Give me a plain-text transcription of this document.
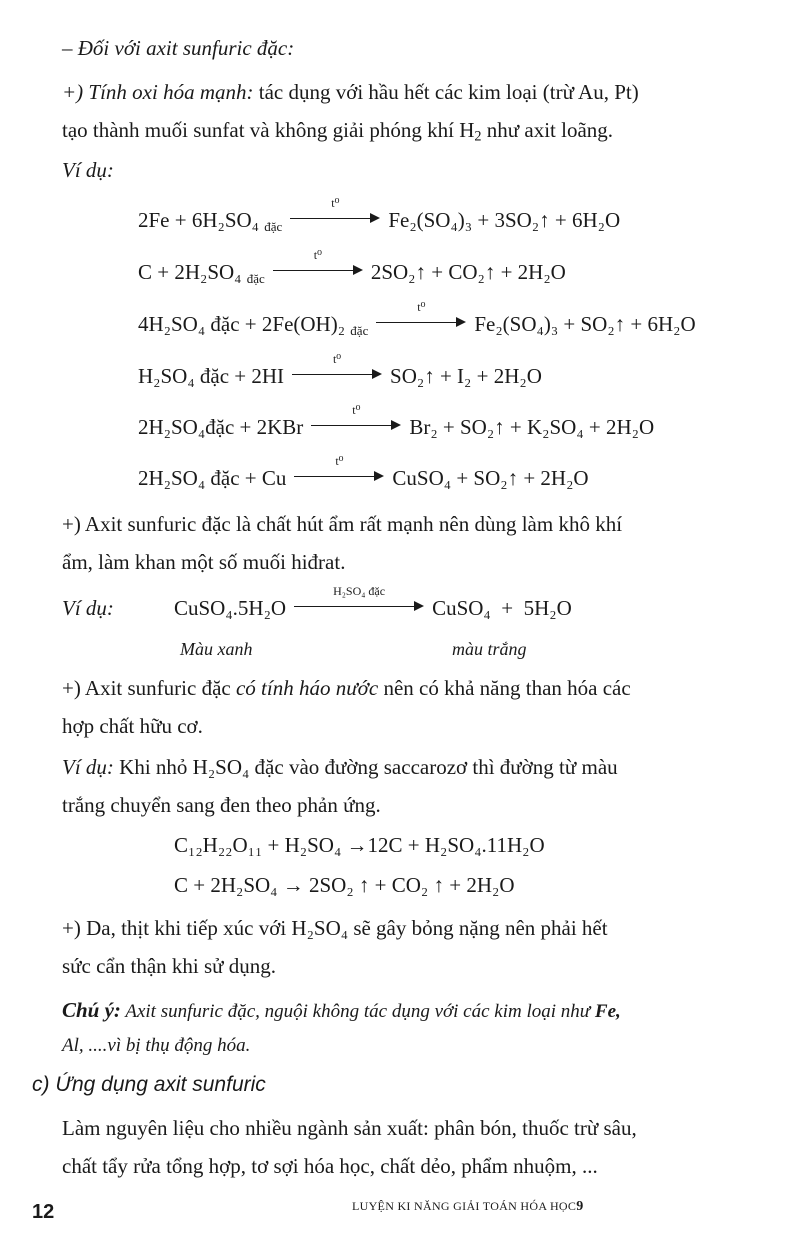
– Đối với axit sunfuric đặc:
+) Tính oxi hóa mạnh: tác dụng với hầu hết các kim loại (trừ Au, Pt)
tạo thành muối sunfat và không giải phóng khí $H_2$ như axit loãng.
Ví dụ:
2Fe + 6H₂SO₄ đặc
t⁰
Fe₂(SO₄)₃ + 3SO₂↑ + 6H₂O
C + 2H₂SO₄ đặc
t⁰
2SO₂↑ + CO₂↑ + 2H₂O
4H₂SO₄ đặc + 2Fe(OH)₂ đặc
t⁰
Fe₂(SO₄)₃ + SO₂↑ + 6H₂O
H₂SO₄ đặc + 2HI
t⁰
SO₂↑ + I₂ + 2H₂O
2H₂SO₄đặc + 2KBr
t⁰
Br₂ + SO₂↑ + K₂SO₄ + 2H₂O
2H₂SO₄ đặc + Cu
t⁰
CuSO₄ + SO₂↑ + 2H₂O
+) Axit sunfuric đặc là chất hút ẩm rất mạnh nên dùng làm khô khí
ẩm, làm khan một số muối hiđrat.
Ví dụ:	CuSO₄.5H₂O
H₂SO₄ đặc
CuSO₄  +  5H₂O
Màu xanh	màu trắng
+) Axit sunfuric đặc có tính háo nước nên có khả năng than hóa các
hợp chất hữu cơ.
Ví dụ: Khi nhỏ H₂SO₄ đặc vào đường saccarozơ thì đường từ màu
trắng chuyển sang đen theo phản ứng.
C₁₂H₂₂O₁₁ + H₂SO₄ →12C + H₂SO₄.11H₂O
C + 2H₂SO₄ → 2SO₂ ↑ + CO₂ ↑ + 2H₂O
+) Da, thịt khi tiếp xúc với H₂SO₄ sẽ gây bỏng nặng nên phải hết
sức cẩn thận khi sử dụng.
Chú ý: Axit sunfuric đặc, nguội không tác dụng với các kim loại như Fe,
Al, ....vì bị thụ động hóa.
c) Ứng dụng axit sunfuric
Làm nguyên liệu cho nhiều ngành sản xuất: phân bón, thuốc trừ sâu,
chất tẩy rửa tổng hợp, tơ sợi hóa học, chất dẻo, phẩm nhuộm, ...
12	LUYỆN KI NĂNG GIẢI TOÁN HÓA HỌC9
